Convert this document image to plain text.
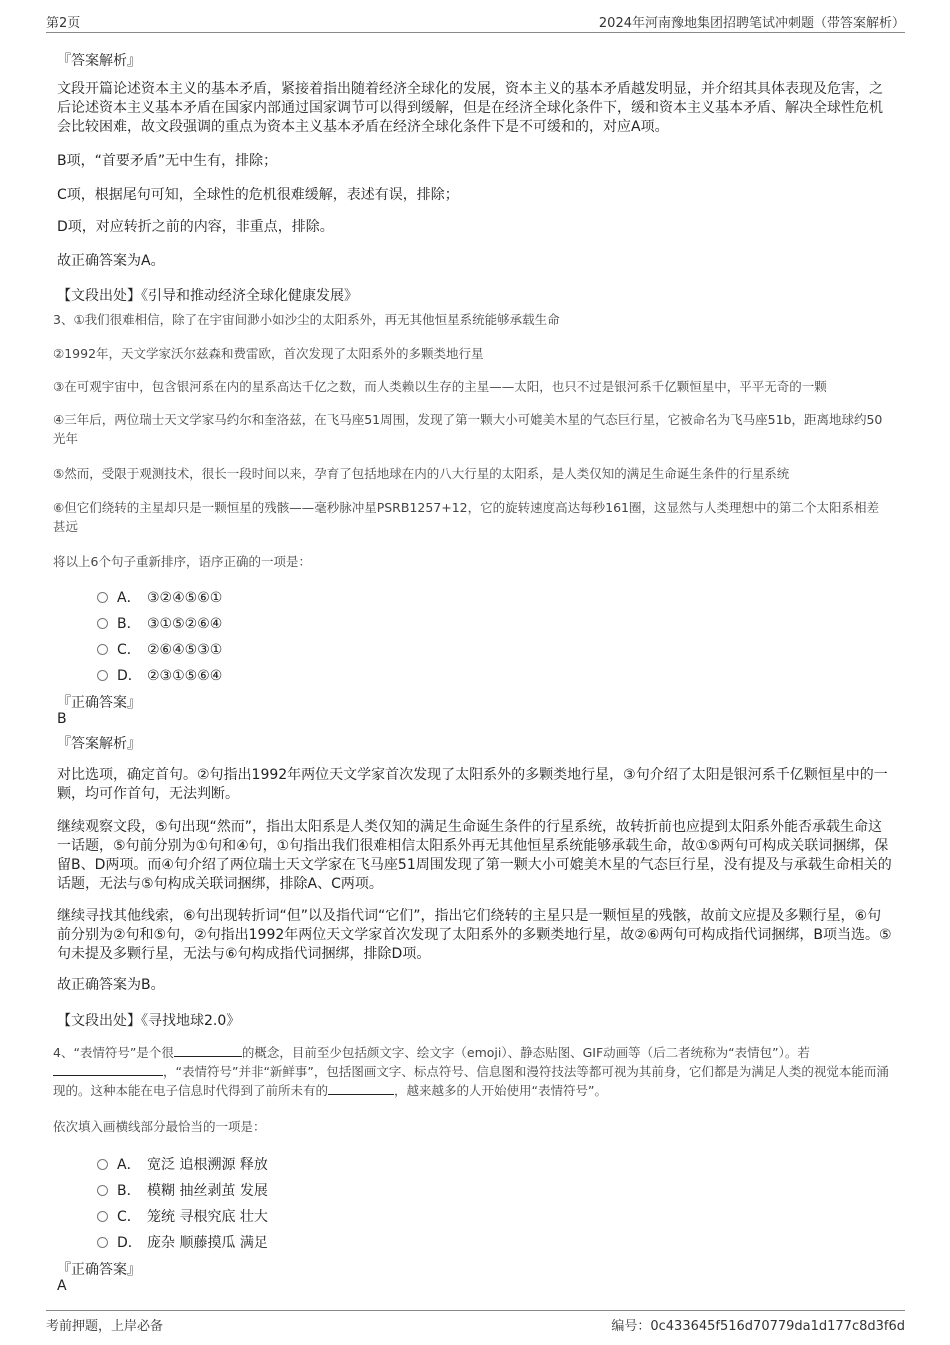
第2页	2024年河南豫地集团招聘笔试冲刺题（带答案解析）
『答案解析』
文段开篇论述资本主义的基本矛盾，紧接着指出随着经济全球化的发展，资本主义的基本矛盾越发明显，并介绍其具体表现及危害，之后论述资本主义基本矛盾在国家内部通过国家调节可以得到缓解，但是在经济全球化条件下，缓和资本主义基本矛盾、解决全球性危机会比较困难，故文段强调的重点为资本主义基本矛盾在经济全球化条件下是不可缓和的，对应A项。
B项，“首要矛盾”无中生有，排除；
C项，根据尾句可知，全球性的危机很难缓解，表述有误，排除；
D项，对应转折之前的内容，非重点，排除。
故正确答案为A。
【文段出处】《引导和推动经济全球化健康发展》
3、①我们很难相信，除了在宇宙间渺小如沙尘的太阳系外，再无其他恒星系统能够承载生命
②1992年，天文学家沃尔兹森和费雷欧，首次发现了太阳系外的多颗类地行星
③在可观宇宙中，包含银河系在内的星系高达千亿之数，而人类赖以生存的主星——太阳，也只不过是银河系千亿颗恒星中，平平无奇的一颗
④三年后，两位瑞士天文学家马约尔和奎洛兹，在飞马座51周围，发现了第一颗大小可媲美木星的气态巨行星，它被命名为飞马座51b，距离地球约50光年
⑤然而，受限于观测技术，很长一段时间以来，孕育了包括地球在内的八大行星的太阳系，是人类仅知的满足生命诞生条件的行星系统
⑥但它们绕转的主星却只是一颗恒星的残骸——毫秒脉冲星PSRB1257+12，它的旋转速度高达每秒161圈，这显然与人类理想中的第二个太阳系相差甚远
将以上6个句子重新排序，语序正确的一项是：
A． ③②④⑤⑥①
B． ③①⑤②⑥④
C． ②⑥④⑤③①
D． ②③①⑤⑥④
『正确答案』
B
『答案解析』
对比选项，确定首句。②句指出1992年两位天文学家首次发现了太阳系外的多颗类地行星，③句介绍了太阳是银河系千亿颗恒星中的一颗，均可作首句，无法判断。
继续观察文段，⑤句出现“然而”，指出太阳系是人类仅知的满足生命诞生条件的行星系统，故转折前也应提到太阳系外能否承载生命这一话题，⑤句前分别为①句和④句，①句指出我们很难相信太阳系外再无其他恒星系统能够承载生命，故①⑤两句可构成关联词捆绑，保留B、D两项。而④句介绍了两位瑞士天文学家在飞马座51周围发现了第一颗大小可媲美木星的气态巨行星，没有提及与承载生命相关的话题，无法与⑤句构成关联词捆绑，排除A、C两项。
继续寻找其他线索，⑥句出现转折词“但”以及指代词“它们”，指出它们绕转的主星只是一颗恒星的残骸，故前文应提及多颗行星，⑥句前分别为②句和⑤句，②句指出1992年两位天文学家首次发现了太阳系外的多颗类地行星，故②⑥两句可构成指代词捆绑，B项当选。⑤句未提及多颗行星，无法与⑥句构成指代词捆绑，排除D项。
故正确答案为B。
【文段出处】《寻找地球2.0》
4、“表情符号”是个很	的概念，目前至少包括颜文字、绘文字（emoji）、静态贴图、GIF动画等（后二者统称为“表情包”）。若，“表情符号”并非“新鲜事”，包括图画文字、标点符号、信息图和漫符技法等都可视为其前身，它们都是为满足人类的视觉本能而涌现的。这种本能在电子信息时代得到了前所未有的	，越来越多的人开始使用“表情符号”。
依次填入画横线部分最恰当的一项是：
A． 宽泛 追根溯源 释放
B． 模糊 抽丝剥茧 发展
C． 笼统 寻根究底 壮大
D． 庞杂 顺藤摸瓜 满足
『正确答案』
A
考前押题，上岸必备	编号：0c433645f516d70779da1d177c8d3f6d
